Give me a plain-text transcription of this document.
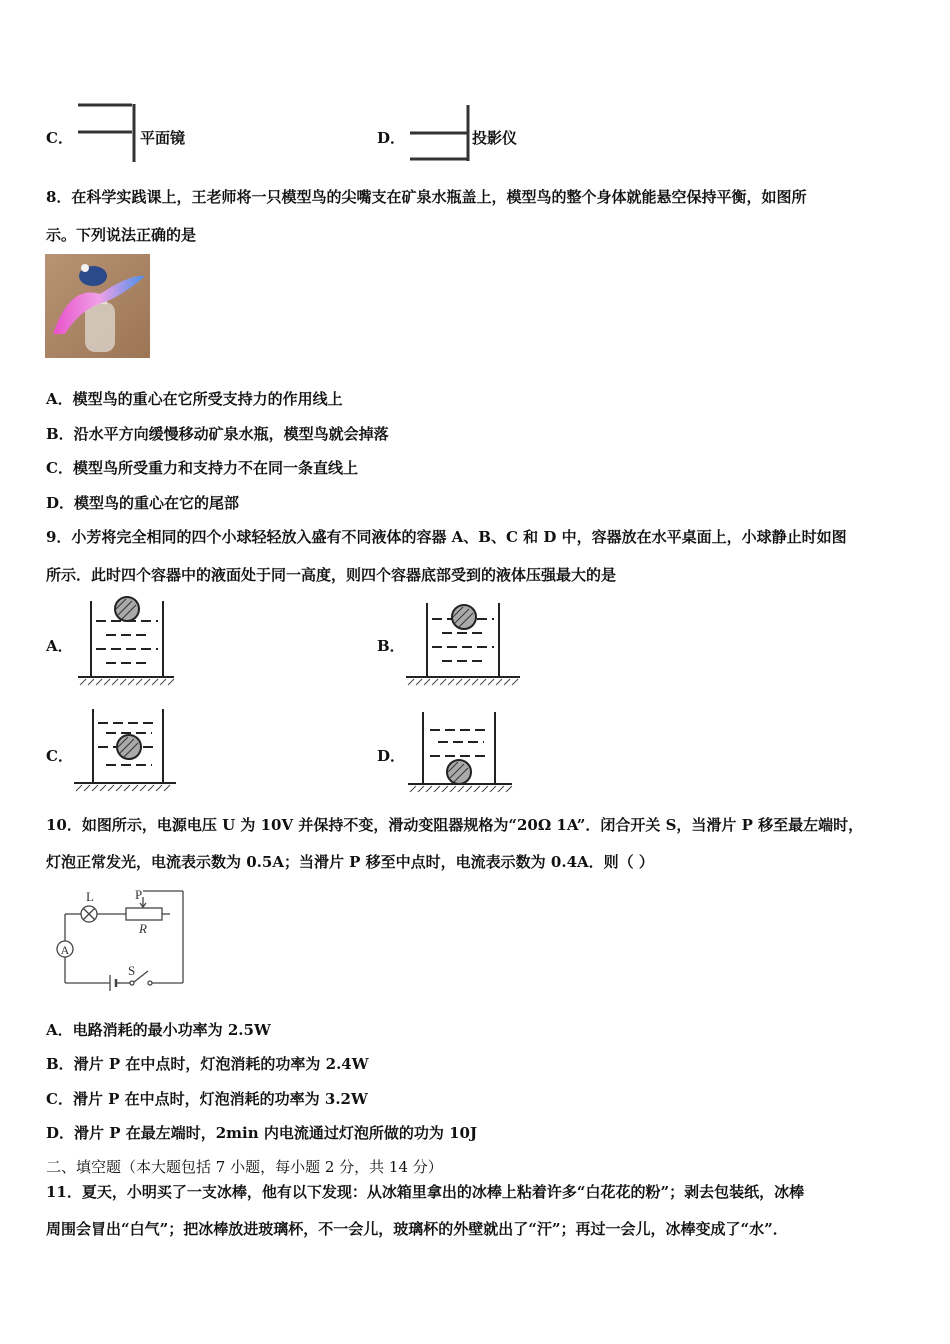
C．	平面镜	D．	投影仪
8．在科学实践课上，王老师将一只模型鸟的尖嘴支在矿泉水瓶盖上，模型鸟的整个身体就能悬空保持平衡，如图所
示。下列说法正确的是
A．模型鸟的重心在它所受支持力的作用线上
B．沿水平方向缓慢移动矿泉水瓶，模型鸟就会掉落
C．模型鸟所受重力和支持力不在同一条直线上
D．模型鸟的重心在它的尾部
9．小芳将完全相同的四个小球轻轻放入盛有不同液体的容器 A、B、C 和 D 中，容器放在水平桌面上，小球静止时如图
所示．此时四个容器中的液面处于同一高度，则四个容器底部受到的液体压强最大的是
A．	B．
C．	D．
10．如图所示，电源电压 U 为 10V 并保持不变，滑动变阻器规格为“20Ω 1A”．闭合开关 S，当滑片 P 移至最左端时，
灯泡正常发光，电流表示数为 0.5A；当滑片 P 移至中点时，电流表示数为 0.4A．则（ ）
A
L	P
R
S
A．电路消耗的最小功率为 2.5W
B．滑片 P 在中点时，灯泡消耗的功率为 2.4W
C．滑片 P 在中点时，灯泡消耗的功率为 3.2W
D．滑片 P 在最左端时，2min 内电流通过灯泡所做的功为 10J
二、填空题（本大题包括 7 小题，每小题 2 分，共 14 分）
11．夏天，小明买了一支冰棒，他有以下发现：从冰箱里拿出的冰棒上粘着许多“白花花的粉”；剥去包装纸，冰棒
周围会冒出“白气”；把冰棒放进玻璃杯，不一会儿，玻璃杯的外壁就出了“汗”；再过一会儿，冰棒变成了“水”．
